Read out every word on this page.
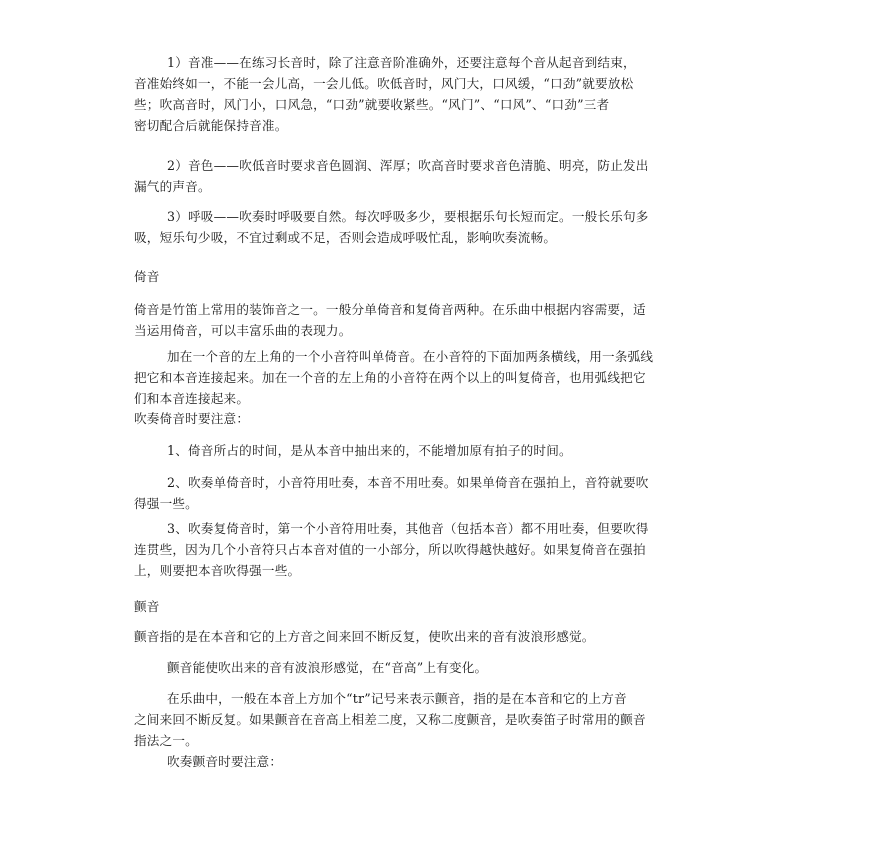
1）音准——在练习长音时，除了注意音阶准确外，还要注意每个音从起音到结束，
音准始终如一，不能一会儿高，一会儿低。吹低音时，风门大，口风缓，“口劲”就要放松
些；吹高音时，风门小，口风急，“口劲”就要收紧些。“风门”、“口风”、“口劲”三者
密切配合后就能保持音准。
2）音色——吹低音时要求音色圆润、浑厚；吹高音时要求音色清脆、明亮，防止发出
漏气的声音。
3）呼吸——吹奏时呼吸要自然。每次呼吸多少，要根据乐句长短而定。一般长乐句多
吸，短乐句少吸，不宜过剩或不足，否则会造成呼吸忙乱，影响吹奏流畅。
倚音
倚音是竹笛上常用的装饰音之一。一般分单倚音和复倚音两种。在乐曲中根据内容需要，适
当运用倚音，可以丰富乐曲的表现力。
加在一个音的左上角的一个小音符叫单倚音。在小音符的下面加两条横线，用一条弧线
把它和本音连接起来。加在一个音的左上角的小音符在两个以上的叫复倚音，也用弧线把它
们和本音连接起来。
吹奏倚音时要注意：
1、倚音所占的时间，是从本音中抽出来的，不能增加原有拍子的时间。
2、吹奏单倚音时，小音符用吐奏，本音不用吐奏。如果单倚音在强拍上，音符就要吹
得强一些。
3、吹奏复倚音时，第一个小音符用吐奏，其他音（包括本音）都不用吐奏，但要吹得
连贯些，因为几个小音符只占本音对值的一小部分，所以吹得越快越好。如果复倚音在强拍
上，则要把本音吹得强一些。
颤音
颤音指的是在本音和它的上方音之间来回不断反复，使吹出来的音有波浪形感觉。
颤音能使吹出来的音有波浪形感觉，在“音高”上有变化。
在乐曲中，一般在本音上方加个“tr”记号来表示颤音，指的是在本音和它的上方音
之间来回不断反复。如果颤音在音高上相差二度，又称二度颤音，是吹奏笛子时常用的颤音
指法之一。
吹奏颤音时要注意：
